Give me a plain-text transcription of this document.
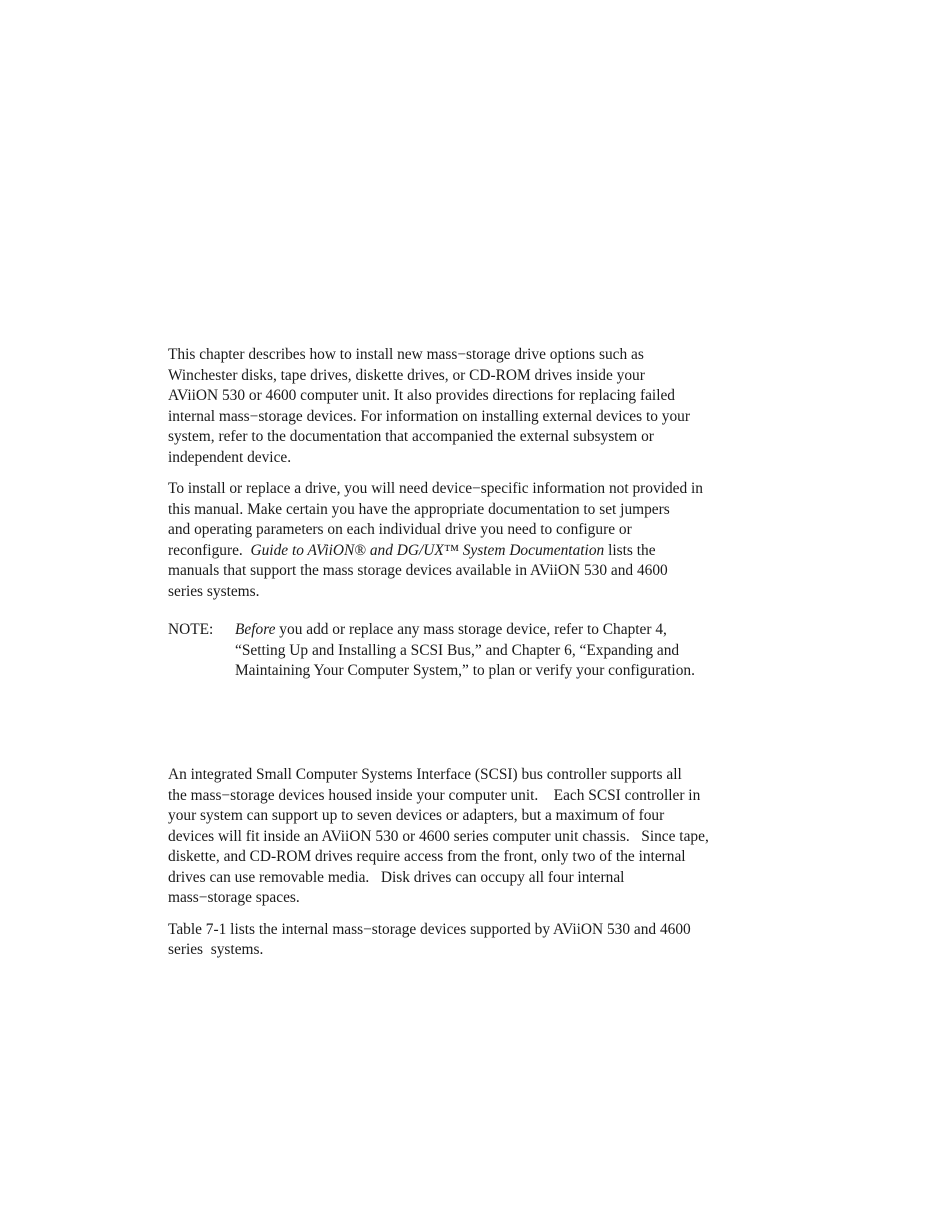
This chapter describes how to install new mass−storage drive options such as
Winchester disks, tape drives, diskette drives, or CD-ROM drives inside your
AViiON 530 or 4600 computer unit. It also provides directions for replacing failed
internal mass−storage devices. For information on installing external devices to your
system, refer to the documentation that accompanied the external subsystem or
independent device.

To install or replace a drive, you will need device−specific information not provided in
this manual. Make certain you have the appropriate documentation to set jumpers
and operating parameters on each individual drive you need to configure or
reconfigure.  Guide to AViiON® and DG/UX™ System Documentation lists the
manuals that support the mass storage devices available in AViiON 530 and 4600
series systems.

NOTE: Before you add or replace any mass storage device, refer to Chapter 4,
“Setting Up and Installing a SCSI Bus,” and Chapter 6, “Expanding and
Maintaining Your Computer System,” to plan or verify your configuration.

An integrated Small Computer Systems Interface (SCSI) bus controller supports all
the mass−storage devices housed inside your computer unit.    Each SCSI controller in
your system can support up to seven devices or adapters, but a maximum of four
devices will fit inside an AViiON 530 or 4600 series computer unit chassis.   Since tape,
diskette, and CD-ROM drives require access from the front, only two of the internal
drives can use removable media.   Disk drives can occupy all four internal
mass−storage spaces.

Table 7-1 lists the internal mass−storage devices supported by AViiON 530 and 4600
series  systems.
